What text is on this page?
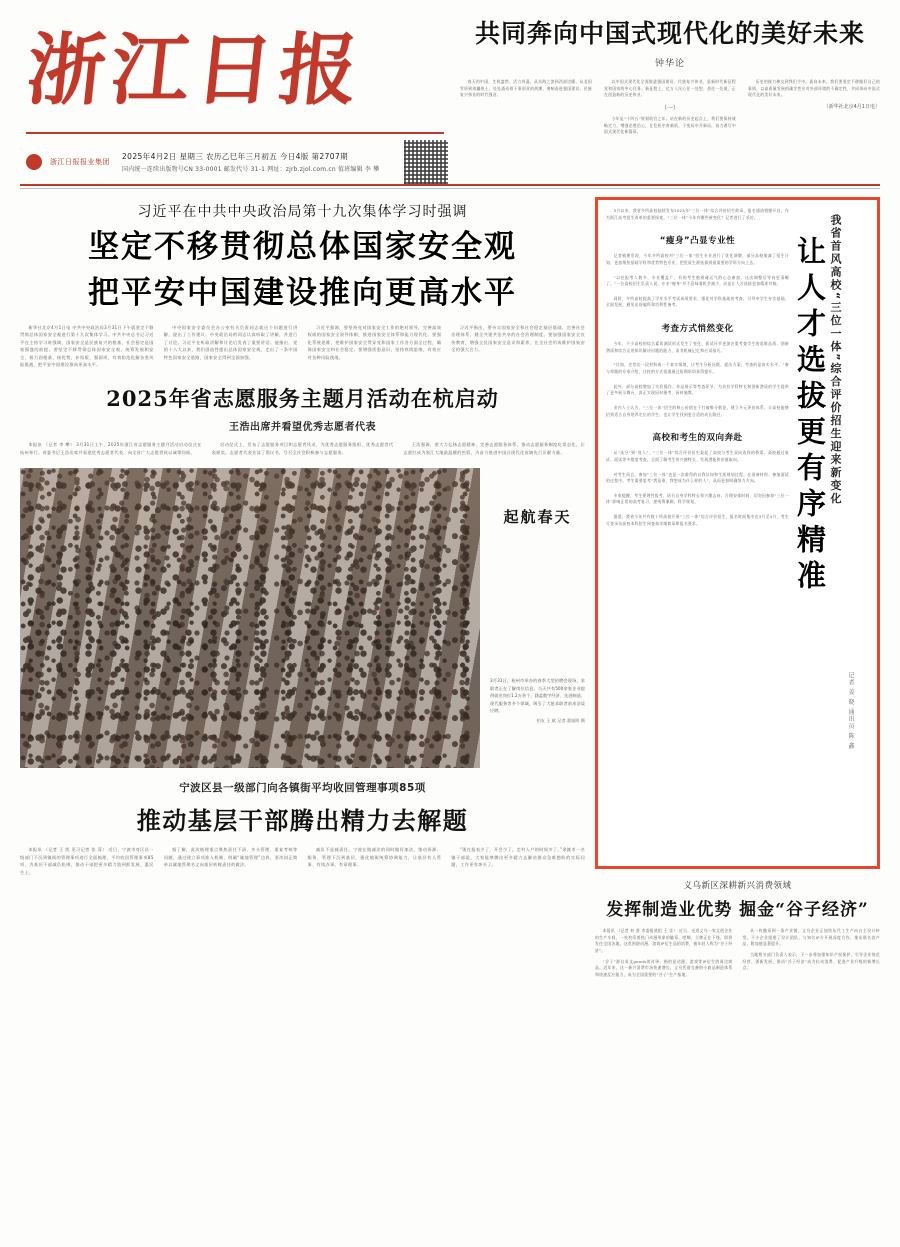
浙江日报
浙江日报报业集团
2025年4月2日 星期三 农历乙巳年三月初五 今日4版 第2707期
国内统一连续出版物号CN 33-0001 邮发代号 31-1 网址：zjrb.zjol.com.cn 值班编辑 李 攀
共同奔向中国式现代化的美好未来
钟华论

春天的中国，生机盎然、活力奔涌。从东海之滨到西部边陲，从北国雪原到南疆热土，处处涌动着干事创业的热潮，奏响奋进强国建设、民族复兴伟业的时代强音。

以中国式现代化全面推进强国建设、民族复兴伟业，是新时代新征程党和国家的中心任务。新征程上，亿万人民心往一处想、劲往一处使，正在创造新的历史伟业。

（一）

今年是“十四五”规划收官之年。站在新的历史起点上，我们要保持战略定力，增强必胜信心，在危机中育新机、于变局中开新局，奋力谱写中国式现代化新篇章。

历史的接力棒交到我们手中。面向未来，我们要坚定不移做好自己的事情，以高质量发展的确定性应对外部环境的不确定性，共同奔向中国式现代化的美好未来。

（新华社北京4月1日电）
习近平在中共中央政治局第十九次集体学习时强调
坚定不移贯彻总体国家安全观
把平安中国建设推向更高水平

新华社北京4月1日电 中共中央政治局3月31日下午就坚定不移贯彻总体国家安全观进行第十九次集体学习。中共中央总书记习近平在主持学习时强调，国家安全是民族复兴的根基，社会稳定是国家强盛的前提。要坚定不移贯彻总体国家安全观，统筹发展和安全，着力固根基、扬优势、补短板、强弱项，有效防范化解各类风险挑战，把平安中国建设推向更高水平。

中央国家安全委员会办公室有关负责同志就这个问题进行讲解，提出了工作建议。中央政治局的同志认真听取了讲解，并进行了讨论。习近平在听取讲解和讨论后发表了重要讲话。他指出，党的十八大以来，我们创造性提出总体国家安全观，走出了一条中国特色国家安全道路，国家安全得到全面加强。

习近平强调，要坚持党对国家安全工作的绝对领导，完善高效权威的国家安全领导体制，推进国家安全体系和能力现代化。要强化系统思维，把维护国家安全贯穿党和国家工作各方面全过程，确保国家安全和社会稳定。要增强忧患意识，坚持底线思维，有效应对各种风险挑战。

习近平指出，要夯实国家安全和社会稳定基层基础，完善社会治理体系，健全共建共治共享的社会治理制度。要加强国家安全宣传教育，增强全民国家安全意识和素养，在全社会形成维护国家安全的强大合力。

2025年省志愿服务主题月活动在杭启动
王浩出席并看望优秀志愿者代表

本报讯 （记者 李 攀） 3月31日上午，2025年浙江省志愿服务主题月活动启动仪式在杭州举行。省委书记王浩出席并看望优秀志愿者代表，向全省广大志愿者致以诚挚问候。

启动仪式上，发布了志愿服务项目和志愿者风采，为优秀志愿服务组织、优秀志愿者代表颁奖。志愿者代表宣读了倡议书，号召全社会积极参与志愿服务。

王浩强调，要大力弘扬志愿精神，完善志愿服务体系，推动志愿服务制度化常态化，让志愿红成为浙江大地最温暖的色彩，为奋力推进中国式现代化省域先行贡献力量。

起航春天
3月31日，杭州市举办的春季大型招聘会现场，求职者正在了解岗位信息。当天共有500余家企业提供就业岗位1.2万余个，涵盖数字经济、先进制造、现代服务等多个领域，吸引了大批求职者前来洽谈应聘。
拍友 王 斌 记者 董旭明 摄
宁波区县一级部门向各镇街平均收回管理事项85项
推动基层干部腾出精力去解题

本报讯 （记者 王 凯 见习记者 张 蓉） 近日，宁波市对区县一级部门下沉到镇街的管理事项进行全面梳理，平均收回管理事项85项，为基层干部减负松绑，推动干部把更多精力放到抓发展、惠民生上。

据了解，此次梳理重点聚焦责任不清、多头管理、重复考核等问题，通过建立事项准入机制，明确“属地管理”边界，坚决纠正简单以属地管理名义向基层转嫁责任的做法。

减负不是减责任。宁波在做减法的同时做好加法，推动资源、服务、管理下沉到基层，强化镇街统筹协调能力，让基层有人管事、有钱办事、有章理事。

“现在报表少了，开会少了，走村入户的时间多了。”余姚市一名镇干部说，大家能够腾出更多精力去解决群众急难愁盼的实际问题，工作更有奔头了。

让人才选拔更有序精准 我省首风高校“三位一体”综合评价招生迎来新变化
记者 姜 晓 通讯员 陈 鑫

3月以来，我省多所高校陆续发布2025年“三位一体”综合评价招生简章，报名通道相继开启。作为浙江高考招生改革的重要探索，“三位一体”今年有哪些新变化？记者进行了采访。

“瘦身”凸显专业性

记者梳理发现，今年多所高校对“三位一体”招生专业进行了优化调整，部分高校缩减了招生计划，更加聚焦基础学科和优势特色专业，把优质生源选拔到最需要的学科方向上去。

“以往报考人数多、专业覆盖广，有的考生抱着碰运气的心态参加，这次调整后导向更清晰了。”一位高校招生负责人说，专业“瘦身”并不意味着机会减少，而是让人才选拔更加精准对路。

同时，多所高校提高了学业水平考试成绩要求，强化对学科基础的考查，引导中学生夯实基础、全面发展，避免出现偏科和功利性备考。

考查方式悄然变化

今年，不少高校的综合素质测试形式发生了变化，面试环节更加注重考查学生的思维品质、创新潜质和综合运用知识解决问题的能力，而非机械记忆和应试技巧。

“比如，会给出一段材料或一个真实情境，让考生分析问题、提出方案，考查的是真实水平。”参与命题的专家介绍，这样的方式很难通过短期培训获得提升。

此外，部分高校增加了实验操作、作品展示等考查环节，为具有学科特长和创新潜质的学生提供了更多展示舞台，真正实现因材施考、因材施教。

业内人士认为，“三位一体”招生的核心价值在于打破唯分数论，建立多元评价体系，让高校能够招到适合自身培养定位的学生，也让学生找到更合适的成长路径。

高校和考生的双向奔赴

从“选分”到“选人”，“三位一体”综合评价招生架起了高校与考生双向选择的桥梁。高校通过笔试、面试等多维度考查，全面了解考生的兴趣特长、发展潜能和价值取向。

对考生而言，参加“三位一体”也是一次难得的自我认知和生涯规划过程。在准备材料、参加面试的过程中，考生需要思考“我是谁、我想成为什么样的人”，从而更加明确努力方向。

专家提醒，考生要理性报考，结合自身学科特长和兴趣志向，合理安排时间，切勿因参加“三位一体”影响正常的高考复习，要统筹兼顾、科学规划。

据悉，我省今年共有数十所高校开展“三位一体”综合评价招生，报名时间集中在3月至4月，考生可登录各高校本科招生网查询详细简章和报名要求。

义乌新区深耕新兴消费领域
发挥制造业优势 掘金“谷子经济”

本报讯 （记者 何 贤 市委报道组 王 佳） 近日，走进义乌一家文创企业的生产车间，一枚枚印着热门动漫形象的徽章、吧唧、立牌正在下线，即将发往全国各地。这类围绕动漫、游戏IP衍生品的消费，被年轻人称为“谷子经济”。

“谷子”源自英文goods的音译，指的是动漫、游戏等IP衍生的周边商品。近年来，这一新兴消费市场快速增长，义乌凭借完备的小商品制造体系和快速反应能力，成为全国重要的“谷子”生产基地。

从一枚徽章到一条产业链，义乌企业正加快从代工生产向自主设计转型。不少企业组建了设计团队，与知名IP方开展深度合作，推出联名款产品，附加值显著提升。

当地相关部门负责人表示，下一步将加强知识产权保护，引导企业规范经营、创新发展，推动“谷子经济”成为拉动消费、促进产业升级的新增长点。
